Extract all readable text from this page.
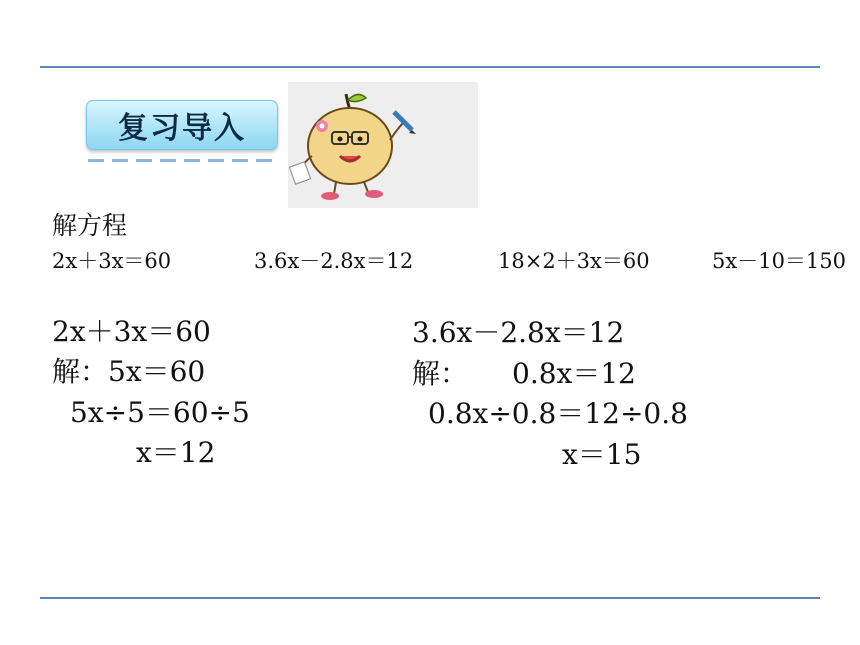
复习导入
解方程
2x＋3x＝60	3.6x－2.8x＝12	18×2＋3x＝60	5x－10＝150
2x＋3x＝60
解：5x＝60
5x÷5＝60÷5
x＝12
3.6x－2.8x＝12
解： 0.8x＝12
0.8x÷0.8＝12÷0.8
x＝15
